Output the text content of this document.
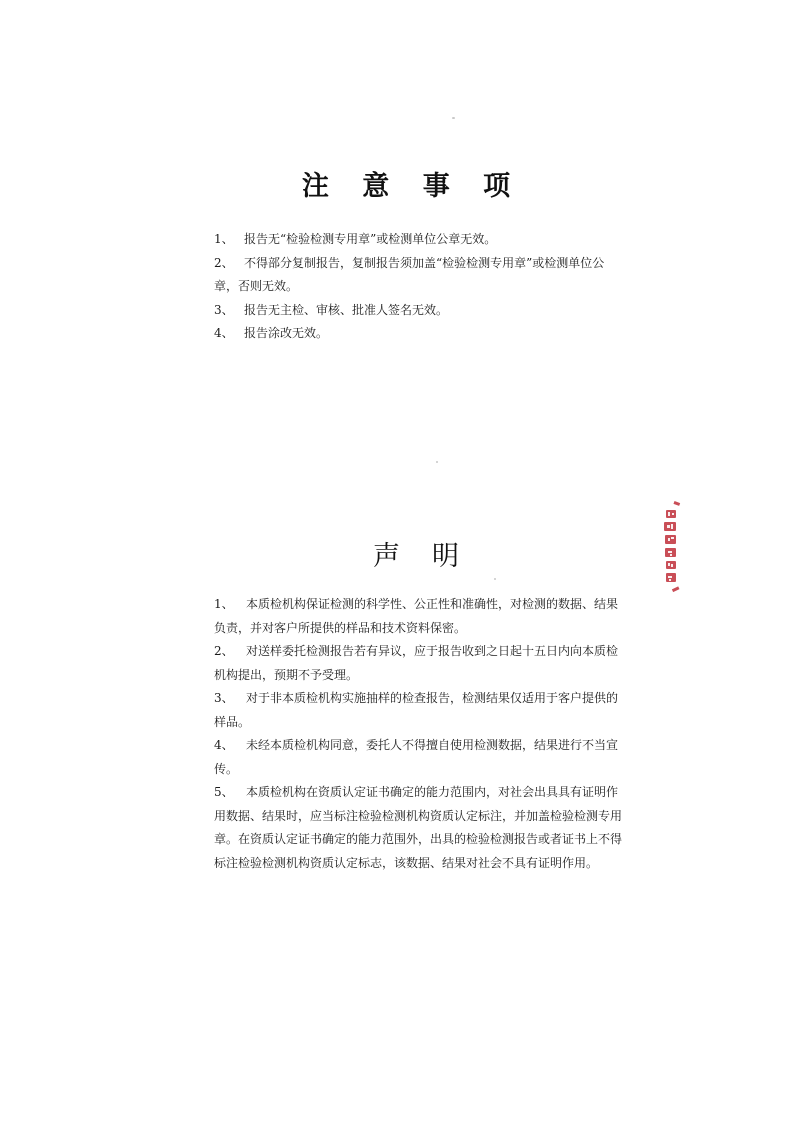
注 意 事 项
1、 报告无“检验检测专用章”或检测单位公章无效。
2、 不得部分复制报告，复制报告须加盖“检验检测专用章”或检测单位公章，否则无效。
3、 报告无主检、审核、批准人签名无效。
4、 报告涂改无效。
声明
1、 本质检机构保证检测的科学性、公正性和准确性，对检测的数据、结果负责，并对客户所提供的样品和技术资料保密。
2、 对送样委托检测报告若有异议，应于报告收到之日起十五日内向本质检机构提出，预期不予受理。
3、 对于非本质检机构实施抽样的检查报告，检测结果仅适用于客户提供的样品。
4、 未经本质检机构同意，委托人不得擅自使用检测数据，结果进行不当宣传。
5、 本质检机构在资质认定证书确定的能力范围内，对社会出具具有证明作用数据、结果时，应当标注检验检测机构资质认定标注，并加盖检验检测专用章。在资质认定证书确定的能力范围外，出具的检验检测报告或者证书上不得标注检验检测机构资质认定标志，该数据、结果对社会不具有证明作用。
